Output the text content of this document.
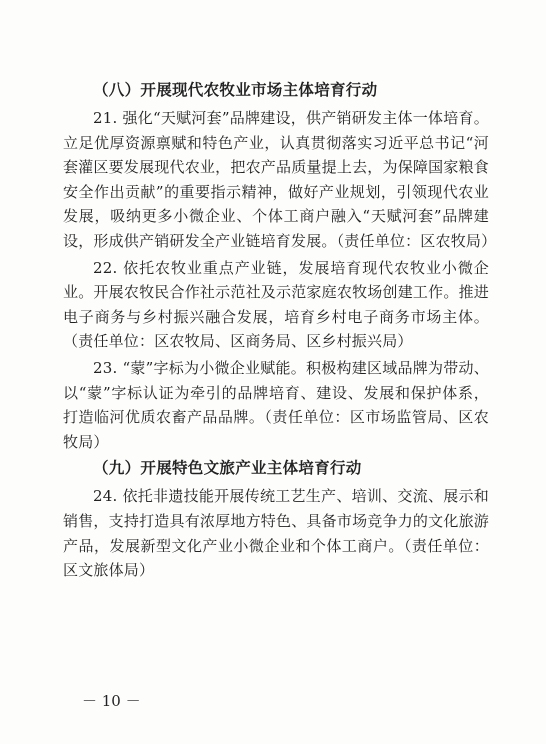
（八）开展现代农牧业市场主体培育行动

21. 强化“天赋河套”品牌建设，供产销研发主体一体培育。立足优厚资源禀赋和特色产业，认真贯彻落实习近平总书记“河套灌区要发展现代农业，把农产品质量提上去，为保障国家粮食安全作出贡献”的重要指示精神，做好产业规划，引领现代农业发展，吸纳更多小微企业、个体工商户融入“天赋河套”品牌建设，形成供产销研发全产业链培育发展。（责任单位：区农牧局）

22. 依托农牧业重点产业链，发展培育现代农牧业小微企业。开展农牧民合作社示范社及示范家庭农牧场创建工作。推进电子商务与乡村振兴融合发展，培育乡村电子商务市场主体。（责任单位：区农牧局、区商务局、区乡村振兴局）

23. “蒙”字标为小微企业赋能。积极构建区域品牌为带动、以“蒙”字标认证为牵引的品牌培育、建设、发展和保护体系，打造临河优质农畜产品品牌。（责任单位：区市场监管局、区农牧局）

（九）开展特色文旅产业主体培育行动

24. 依托非遗技能开展传统工艺生产、培训、交流、展示和销售，支持打造具有浓厚地方特色、具备市场竞争力的文化旅游产品，发展新型文化产业小微企业和个体工商户。（责任单位：区文旅体局）

－ 10 －
